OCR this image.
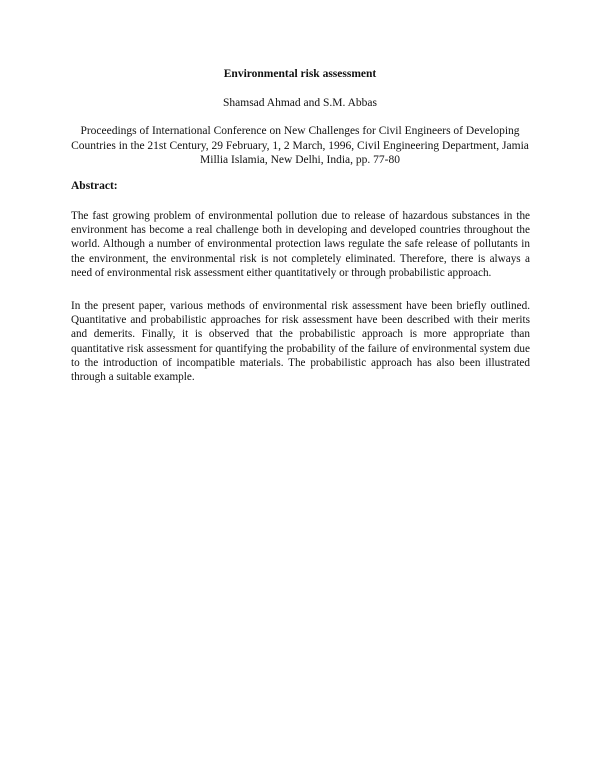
Environmental risk assessment

Shamsad Ahmad and S.M. Abbas

Proceedings of International Conference on New Challenges for Civil Engineers of Developing Countries in the 21st Century, 29 February, 1, 2 March, 1996, Civil Engineering Department, Jamia Millia Islamia, New Delhi, India, pp. 77-80

Abstract:

The fast growing problem of environmental pollution due to release of hazardous substances in the environment has become a real challenge both in developing and developed countries throughout the world. Although a number of environmental protection laws regulate the safe release of pollutants in the environment, the environmental risk is not completely eliminated. Therefore, there is always a need of environmental risk assessment either quantitatively or through probabilistic approach.

In the present paper, various methods of environmental risk assessment have been briefly outlined. Quantitative and probabilistic approaches for risk assessment have been described with their merits and demerits. Finally, it is observed that the probabilistic approach is more appropriate than quantitative risk assessment for quantifying the probability of the failure of environmental system due to the introduction of incompatible materials. The probabilistic approach has also been illustrated through a suitable example.
